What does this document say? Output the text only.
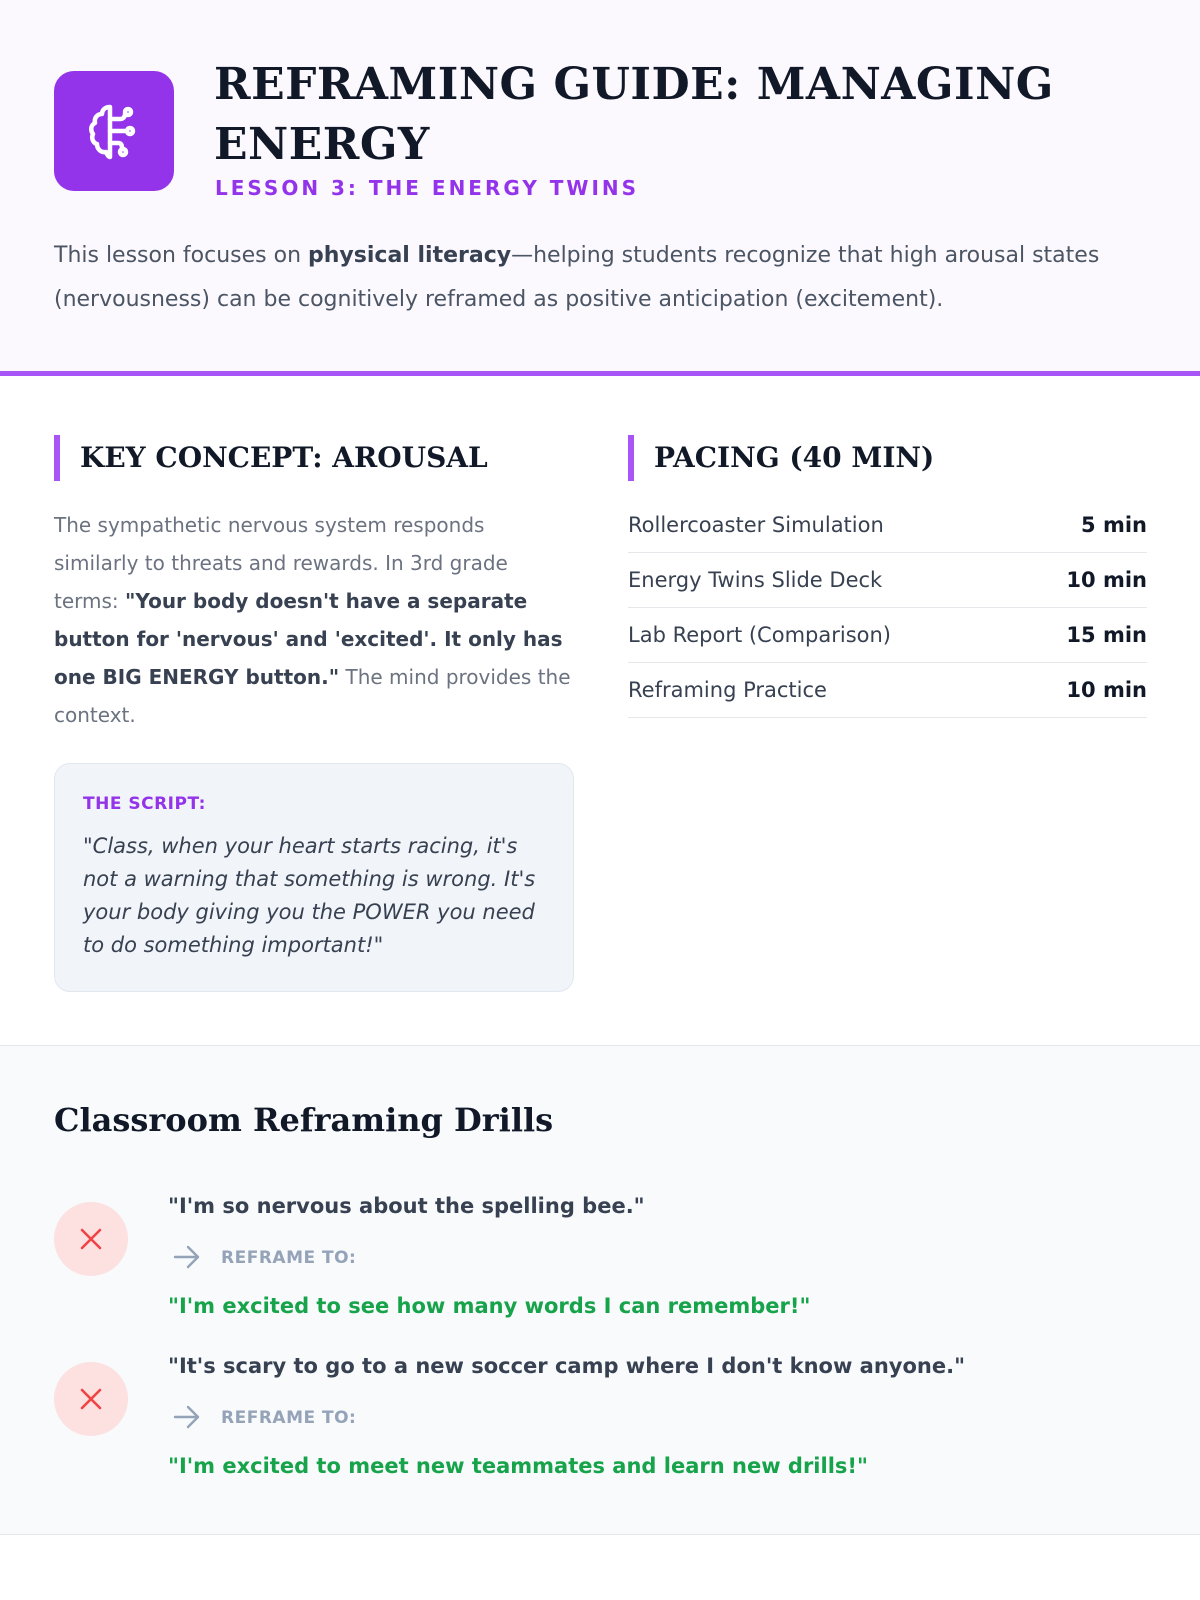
REFRAMING GUIDE: MANAGING ENERGY
LESSON 3: THE ENERGY TWINS

This lesson focuses on physical literacy—helping students recognize that high arousal states (nervousness) can be cognitively reframed as positive anticipation (excitement).

KEY CONCEPT: AROUSAL

The sympathetic nervous system responds similarly to threats and rewards. In 3rd grade terms: "Your body doesn't have a separate button for 'nervous' and 'excited'. It only has one BIG ENERGY button." The mind provides the context.

THE SCRIPT:
"Class, when your heart starts racing, it's not a warning that something is wrong. It's your body giving you the POWER you need to do something important!"
PACING (40 MIN)
Rollercoaster Simulation	5 min
Energy Twins Slide Deck	10 min
Lab Report (Comparison)	15 min
Reframing Practice	10 min
Classroom Reframing Drills
"I'm so nervous about the spelling bee."
REFRAME TO:
"I'm excited to see how many words I can remember!"
"It's scary to go to a new soccer camp where I don't know anyone."
REFRAME TO:
"I'm excited to meet new teammates and learn new drills!"
